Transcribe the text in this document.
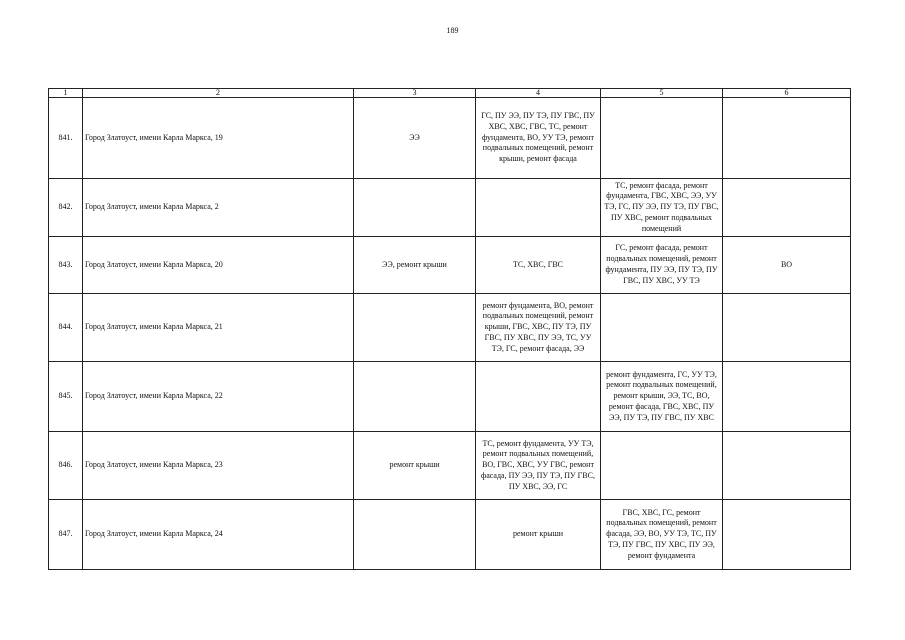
189
1	2	3	4	5	6
841.	Город Златоуст, имени Карла Маркса, 19	ЭЭ	ГС, ПУ ЭЭ, ПУ ТЭ, ПУ ГВС, ПУ ХВС, ХВС, ГВС, ТС, ремонт фундамента, ВО, УУ ТЭ, ремонт подвальных помещений, ремонт крыши, ремонт фасада		
842.	Город Златоуст, имени Карла Маркса, 2			ТС, ремонт фасада, ремонт фундамента, ГВС, ХВС, ЭЭ, УУ ТЭ, ГС, ПУ ЭЭ, ПУ ТЭ, ПУ ГВС, ПУ ХВС, ремонт подвальных помещений	
843.	Город Златоуст, имени Карла Маркса, 20	ЭЭ, ремонт крыши	ТС, ХВС, ГВС	ГС, ремонт фасада, ремонт подвальных помещений, ремонт фундамента, ПУ ЭЭ, ПУ ТЭ, ПУ ГВС, ПУ ХВС, УУ ТЭ	ВО
844.	Город Златоуст, имени Карла Маркса, 21		ремонт фундамента, ВО, ремонт подвальных помещений, ремонт крыши, ГВС, ХВС, ПУ ТЭ, ПУ ГВС, ПУ ХВС, ПУ ЭЭ, ТС, УУ ТЭ, ГС, ремонт фасада, ЭЭ		
845.	Город Златоуст, имени Карла Маркса, 22			ремонт фундамента, ГС, УУ ТЭ, ремонт подвальных помещений, ремонт крыши, ЭЭ, ТС, ВО, ремонт фасада, ГВС, ХВС, ПУ ЭЭ, ПУ ТЭ, ПУ ГВС, ПУ ХВС	
846.	Город Златоуст, имени Карла Маркса, 23	ремонт крыши	ТС, ремонт фундамента, УУ ТЭ, ремонт подвальных помещений, ВО, ГВС, ХВС, УУ ГВС, ремонт фасада, ПУ ЭЭ, ПУ ТЭ, ПУ ГВС, ПУ ХВС, ЭЭ, ГС		
847.	Город Златоуст, имени Карла Маркса, 24		ремонт крыши	ГВС, ХВС, ГС, ремонт подвальных помещений, ремонт фасада, ЭЭ, ВО, УУ ТЭ, ТС, ПУ ТЭ, ПУ ГВС, ПУ ХВС, ПУ ЭЭ, ремонт фундамента	
